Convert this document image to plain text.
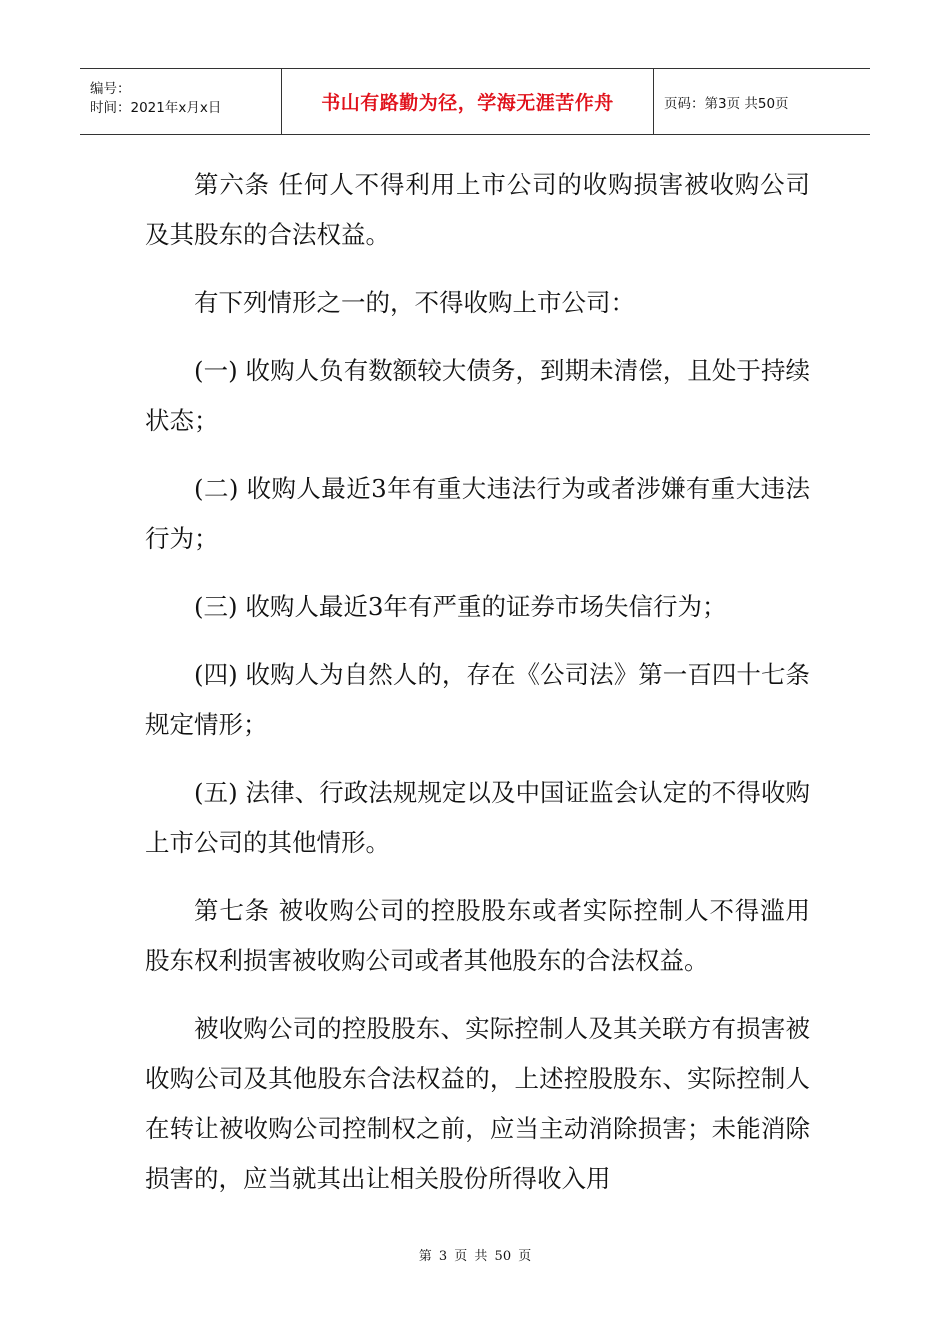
编号：
时间：2021年x月x日	书山有路勤为径，学海无涯苦作舟	页码：第3页 共50页

第六条 任何人不得利用上市公司的收购损害被收购公司及其股东的合法权益。

有下列情形之一的，不得收购上市公司：

(一) 收购人负有数额较大债务，到期未清偿，且处于持续状态；

(二) 收购人最近3年有重大违法行为或者涉嫌有重大违法行为；

(三) 收购人最近3年有严重的证券市场失信行为；

(四) 收购人为自然人的，存在《公司法》第一百四十七条规定情形；

(五) 法律、行政法规规定以及中国证监会认定的不得收购上市公司的其他情形。

第七条 被收购公司的控股股东或者实际控制人不得滥用股东权利损害被收购公司或者其他股东的合法权益。

被收购公司的控股股东、实际控制人及其关联方有损害被收购公司及其他股东合法权益的，上述控股股东、实际控制人在转让被收购公司控制权之前，应当主动消除损害；未能消除损害的，应当就其出让相关股份所得收入用

第 3 页 共 50 页
